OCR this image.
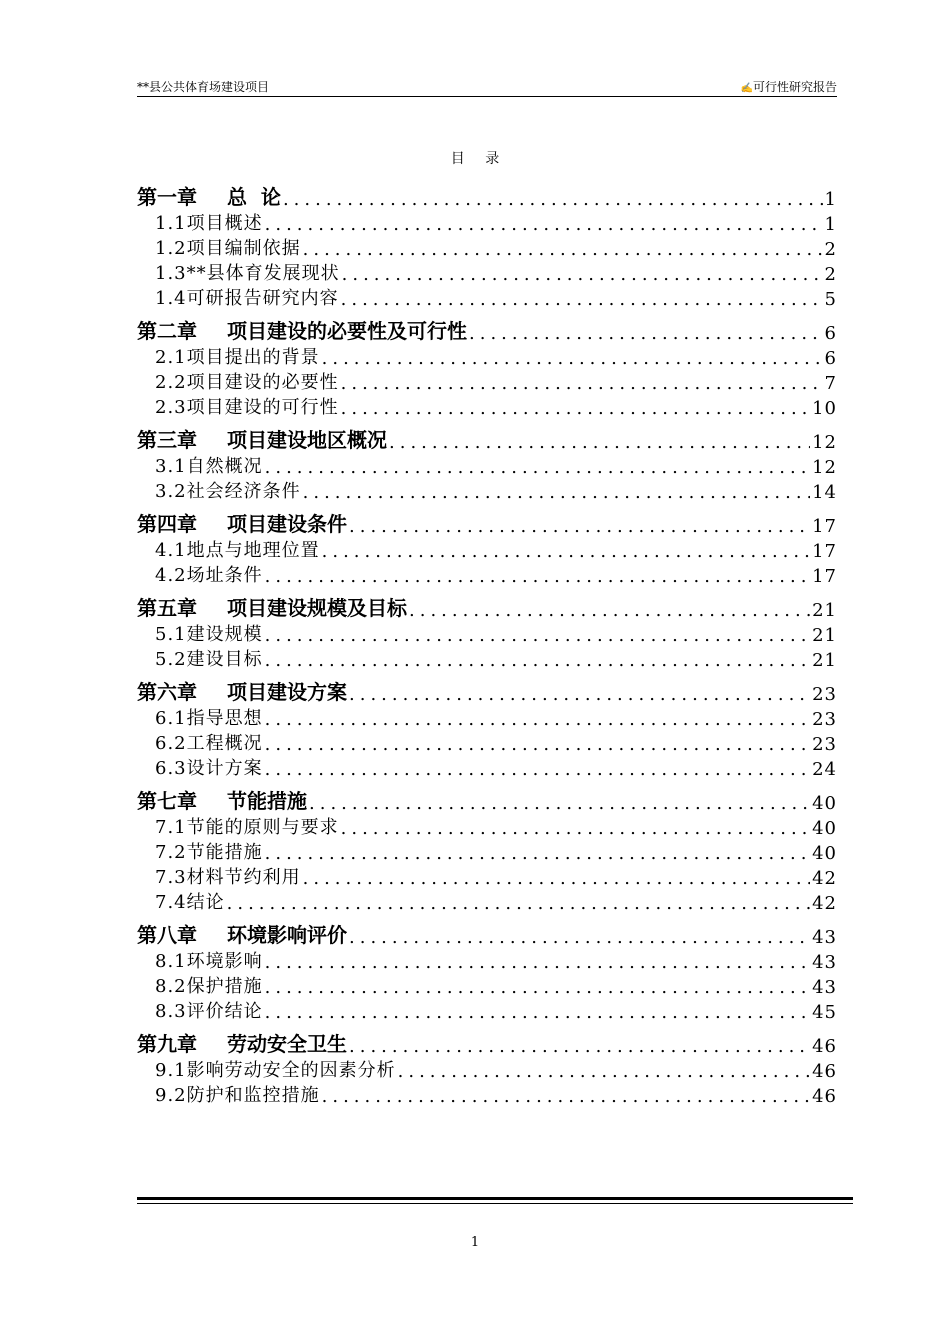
**县公共体育场建设项目	✍可行性研究报告
目 录
第一章 总  论 .....	1
1.1项目概述 .....	1
1.2项目编制依据 .....	2
1.3**县体育发展现状 .....	2
1.4可研报告研究内容 .....	5
第二章 项目建设的必要性及可行性 .....	6
2.1项目提出的背景 .....	6
2.2项目建设的必要性 .....	7
2.3项目建设的可行性 .....	10
第三章 项目建设地区概况 .....	12
3.1自然概况 .....	12
3.2社会经济条件 .....	14
第四章 项目建设条件 .....	17
4.1地点与地理位置 .....	17
4.2场址条件 .....	17
第五章 项目建设规模及目标 .....	21
5.1建设规模 .....	21
5.2建设目标 .....	21
第六章 项目建设方案 .....	23
6.1指导思想 .....	23
6.2工程概况 .....	23
6.3设计方案 .....	24
第七章 节能措施 .....	40
7.1节能的原则与要求 .....	40
7.2节能措施 .....	40
7.3材料节约利用 .....	42
7.4结论 .....	42
第八章 环境影响评价 .....	43
8.1环境影响 .....	43
8.2保护措施 .....	43
8.3评价结论 .....	45
第九章 劳动安全卫生 .....	46
9.1影响劳动安全的因素分析 .....	46
9.2防护和监控措施 .....	46
1
